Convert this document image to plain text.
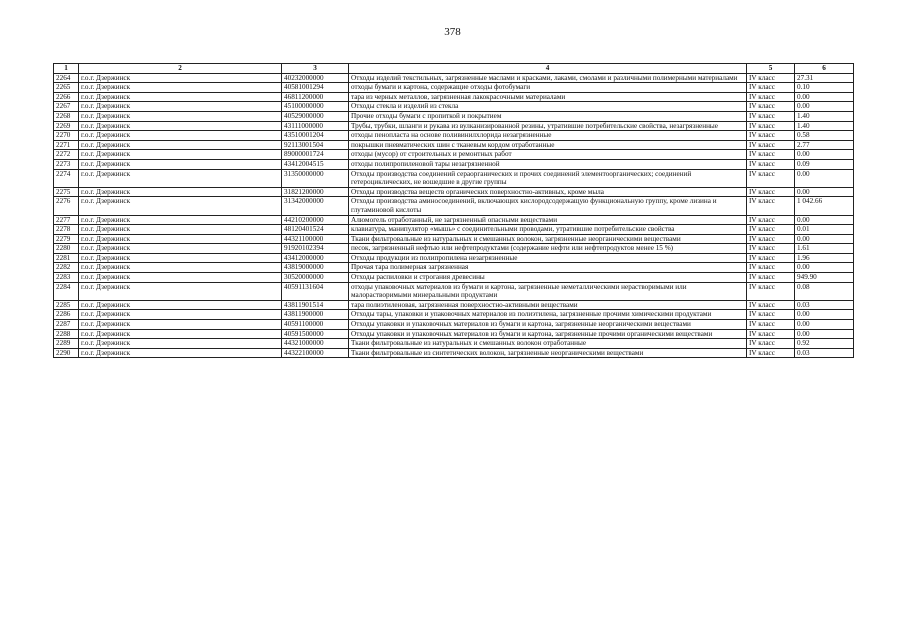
378
1	2	3	4	5	6
2264	г.о.г. Дзержинск	40232000000	Отходы изделий текстильных, загрязненные маслами и красками, лаками, смолами и различными полимерными материалами	IV класс	27.31
2265	г.о.г. Дзержинск	40581001294	отходы бумаги и картона, содержащие отходы фотобумаги	IV класс	0.10
2266	г.о.г. Дзержинск	46811200000	тара из черных металлов, загрязненная лакокрасочными материалами	IV класс	0.00
2267	г.о.г. Дзержинск	45100000000	Отходы стекла и изделий из стекла	IV класс	0.00
2268	г.о.г. Дзержинск	40529000000	Прочие отходы бумаги с пропиткой и покрытием	IV класс	1.40
2269	г.о.г. Дзержинск	43111000000	Трубы, трубки, шланги и рукава из вулканизированной резины, утратившие потребительские свойства, незагрязненные	IV класс	1.40
2270	г.о.г. Дзержинск	43510001204	отходы пенопласта на основе поливинилхлорида незагрязненные	IV класс	0.58
2271	г.о.г. Дзержинск	92113001504	покрышки пневматических шин с тканевым кордом отработанные	IV класс	2.77
2272	г.о.г. Дзержинск	89000001724	отходы (мусор) от строительных и ремонтных работ	IV класс	0.00
2273	г.о.г. Дзержинск	43412004515	отходы полипропиленовой тары незагрязненной	IV класс	0.09
2274	г.о.г. Дзержинск	31350000000	Отходы производства соединений сераорганических и прочих соединений элементоорганических; соединений гетероциклических, не вошедшие в другие группы	IV класс	0.00
2275	г.о.г. Дзержинск	31821200000	Отходы производства веществ органических поверхностно-активных, кроме мыла	IV класс	0.00
2276	г.о.г. Дзержинск	31342000000	Отходы производства аминосоединений, включающих кислородсодержащую функциональную группу, кроме лизина и глутаминовой кислоты	IV класс	1 042.66
2277	г.о.г. Дзержинск	44210200000	Алюмогель отработанный, не загрязненный опасными веществами	IV класс	0.00
2278	г.о.г. Дзержинск	48120401524	клавиатура, манипулятор «мышь» с соединительными проводами, утратившие потребительские свойства	IV класс	0.01
2279	г.о.г. Дзержинск	44321100000	Ткани фильтровальные из натуральных и смешанных волокон, загрязненные неорганическими веществами	IV класс	0.00
2280	г.о.г. Дзержинск	91920102394	песок, загрязненный нефтью или нефтепродуктами (содержание нефти или нефтепродуктов менее 15 %)	IV класс	1.61
2281	г.о.г. Дзержинск	43412000000	Отходы продукции из полипропилена незагрязненные	IV класс	1.96
2282	г.о.г. Дзержинск	43819000000	Прочая тара полимерная загрязненная	IV класс	0.00
2283	г.о.г. Дзержинск	30520000000	Отходы распиловки и строгания древесины	IV класс	949.90
2284	г.о.г. Дзержинск	40591131604	отходы упаковочных материалов из бумаги и картона, загрязненные неметаллическими нерастворимыми или малорастворимыми минеральными продуктами	IV класс	0.08
2285	г.о.г. Дзержинск	43811901514	тара полиэтиленовая, загрязненная поверхностно-активными веществами	IV класс	0.03
2286	г.о.г. Дзержинск	43811900000	Отходы тары, упаковки и упаковочных материалов из полиэтилена, загрязненные прочими химическими продуктами	IV класс	0.00
2287	г.о.г. Дзержинск	40591100000	Отходы упаковки и упаковочных материалов из бумаги и картона, загрязненные неорганическими веществами	IV класс	0.00
2288	г.о.г. Дзержинск	40591500000	Отходы упаковки и упаковочных материалов из бумаги и картона, загрязненные прочими органическими веществами	IV класс	0.00
2289	г.о.г. Дзержинск	44321000000	Ткани фильтровальные из натуральных и смешанных волокон отработанные	IV класс	0.92
2290	г.о.г. Дзержинск	44322100000	Ткани фильтровальные из синтетических волокон, загрязненные неорганическими веществами	IV класс	0.03
